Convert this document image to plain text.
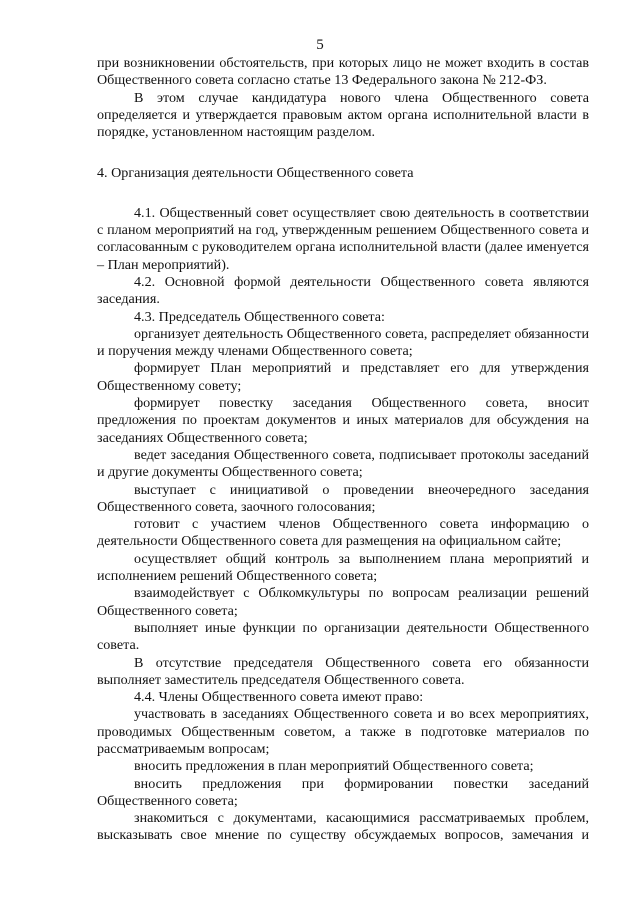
5

при возникновении обстоятельств, при которых лицо не может входить в состав Общественного совета согласно статье 13 Федерального закона № 212-ФЗ.

В этом случае кандидатура нового члена Общественного совета определяется и утверждается правовым актом органа исполнительной власти в порядке, установленном настоящим разделом.

4. Организация деятельности Общественного совета

4.1. Общественный совет осуществляет свою деятельность в соответствии с планом мероприятий на год, утвержденным решением Общественного совета и согласованным с руководителем органа исполнительной власти (далее именуется – План мероприятий).

4.2. Основной формой деятельности Общественного совета являются заседания.

4.3. Председатель Общественного совета:

организует деятельность Общественного совета, распределяет обязанности и поручения между членами Общественного совета;

формирует План мероприятий и представляет его для утверждения Общественному совету;

формирует повестку заседания Общественного совета, вносит предложения по проектам документов и иных материалов для обсуждения на заседаниях Общественного совета;

ведет заседания Общественного совета, подписывает протоколы заседаний и другие документы Общественного совета;

выступает с инициативой о проведении внеочередного заседания Общественного совета, заочного голосования;

готовит с участием членов Общественного совета информацию о деятельности Общественного совета для размещения на официальном сайте;

осуществляет общий контроль за выполнением плана мероприятий и исполнением решений Общественного совета;

взаимодействует с Облкомкультуры по вопросам реализации решений Общественного совета;

выполняет иные функции по организации деятельности Общественного совета.

В отсутствие председателя Общественного совета его обязанности выполняет заместитель председателя Общественного совета.

4.4. Члены Общественного совета имеют право:

участвовать в заседаниях Общественного совета и во всех мероприятиях, проводимых Общественным советом, а также в подготовке материалов по рассматриваемым вопросам;

вносить предложения в план мероприятий Общественного совета;

вносить предложения при формировании повестки заседаний Общественного совета;

знакомиться с документами, касающимися рассматриваемых проблем, высказывать свое мнение по существу обсуждаемых вопросов, замечания и
